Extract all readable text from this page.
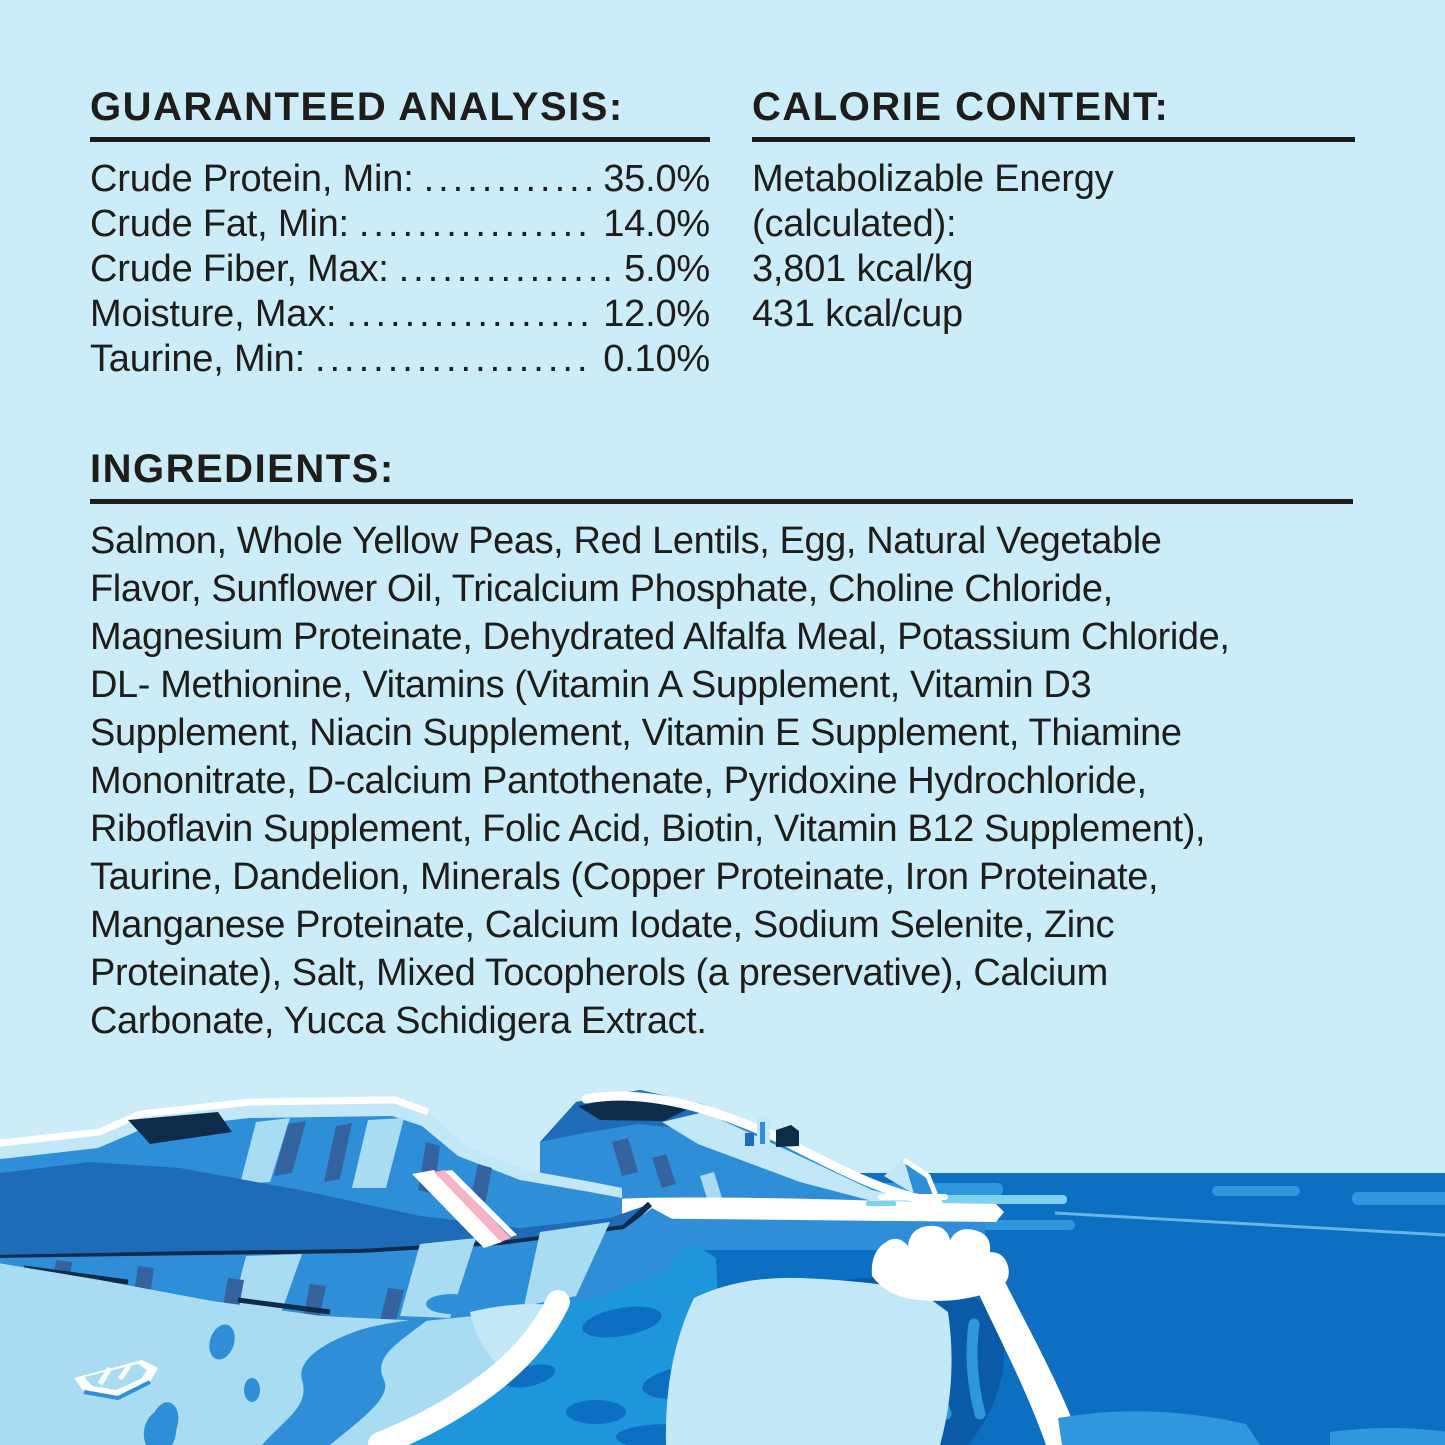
GUARANTEED ANALYSIS:
Crude Protein, Min: .....	35.0%
Crude Fat, Min: .....	14.0%
Crude Fiber, Max: .....	5.0%
Moisture, Max: .....	12.0%
Taurine, Min: .....	0.10%
CALORIE CONTENT:
Metabolizable Energy
(calculated):
3,801 kcal/kg
431 kcal/cup
INGREDIENTS:
Salmon, Whole Yellow Peas, Red Lentils, Egg, Natural Vegetable
Flavor, Sunflower Oil, Tricalcium Phosphate, Choline Chloride,
Magnesium Proteinate, Dehydrated Alfalfa Meal, Potassium Chloride,
DL- Methionine, Vitamins (Vitamin A Supplement, Vitamin D3
Supplement, Niacin Supplement, Vitamin E Supplement, Thiamine
Mononitrate, D-calcium Pantothenate, Pyridoxine Hydrochloride,
Riboflavin Supplement, Folic Acid, Biotin, Vitamin B12 Supplement),
Taurine, Dandelion, Minerals (Copper Proteinate, Iron Proteinate,
Manganese Proteinate, Calcium Iodate, Sodium Selenite, Zinc
Proteinate), Salt, Mixed Tocopherols (a preservative), Calcium
Carbonate, Yucca Schidigera Extract.
